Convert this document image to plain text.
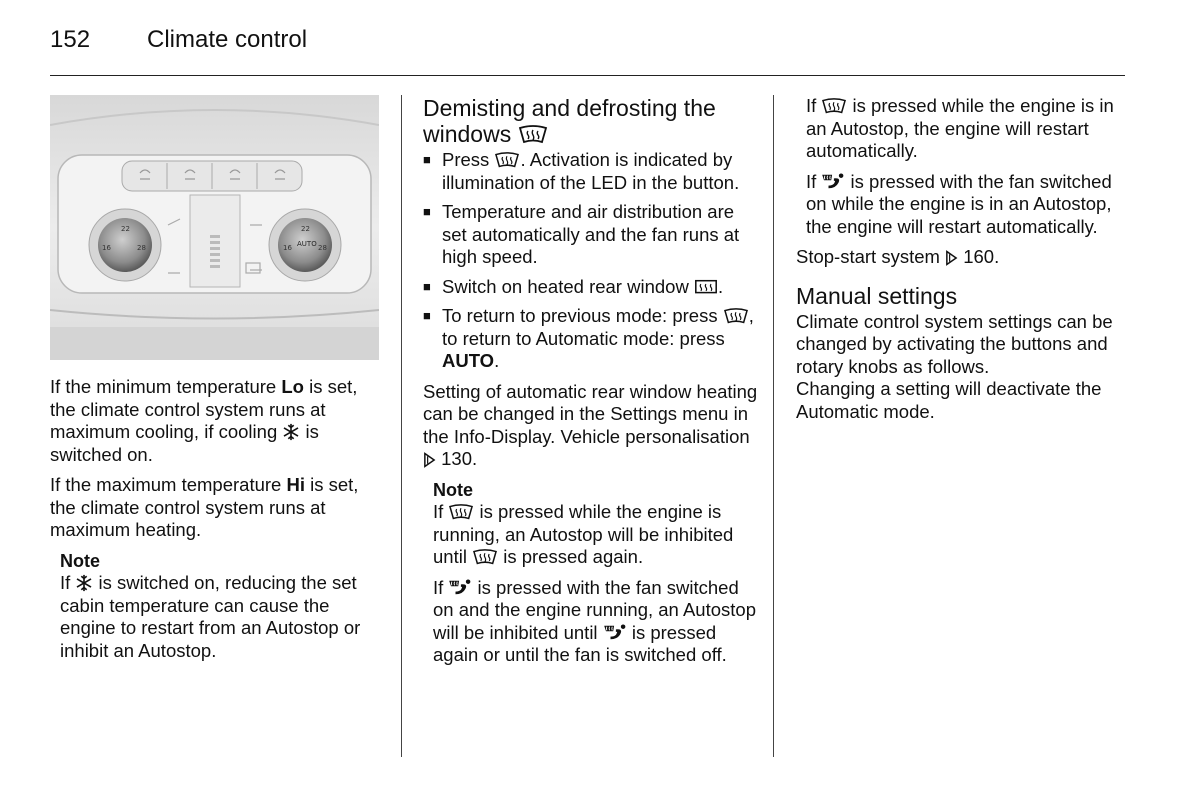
152 Climate control
22
16	28
22
16	28
AUTO

If the minimum temperature Lo is set, the climate control system runs at maximum cooling, if cooling  is switched on.

If the maximum temperature Hi is set, the climate control system runs at maximum heating.

Note

If  is switched on, reducing the set cabin temperature can cause the engine to restart from an Autostop or inhibit an Autostop.

Demisting and defrosting the windows
■ Press . Activation is indicated by illumination of the LED in the button.
■ Temperature and air distribution are set automatically and the fan runs at high speed.
■ Switch on heated rear window .
■ To return to previous mode: press , to return to Automatic mode: press AUTO.

Setting of automatic rear window heating can be changed in the Settings menu in the Info-Display. Vehicle personalisation  130.

Note

If  is pressed while the engine is running, an Autostop will be inhibited until  is pressed again.

If  is pressed with the fan switched on and the engine running, an Autostop will be inhibited until  is pressed again or until the fan is switched off.

If  is pressed while the engine is in an Autostop, the engine will restart automatically.

If  is pressed with the fan switched on while the engine is in an Autostop, the engine will restart automatically.

Stop-start system  160.

Manual settings

Climate control system settings can be changed by activating the buttons and rotary knobs as follows.

Changing a setting will deactivate the Automatic mode.
